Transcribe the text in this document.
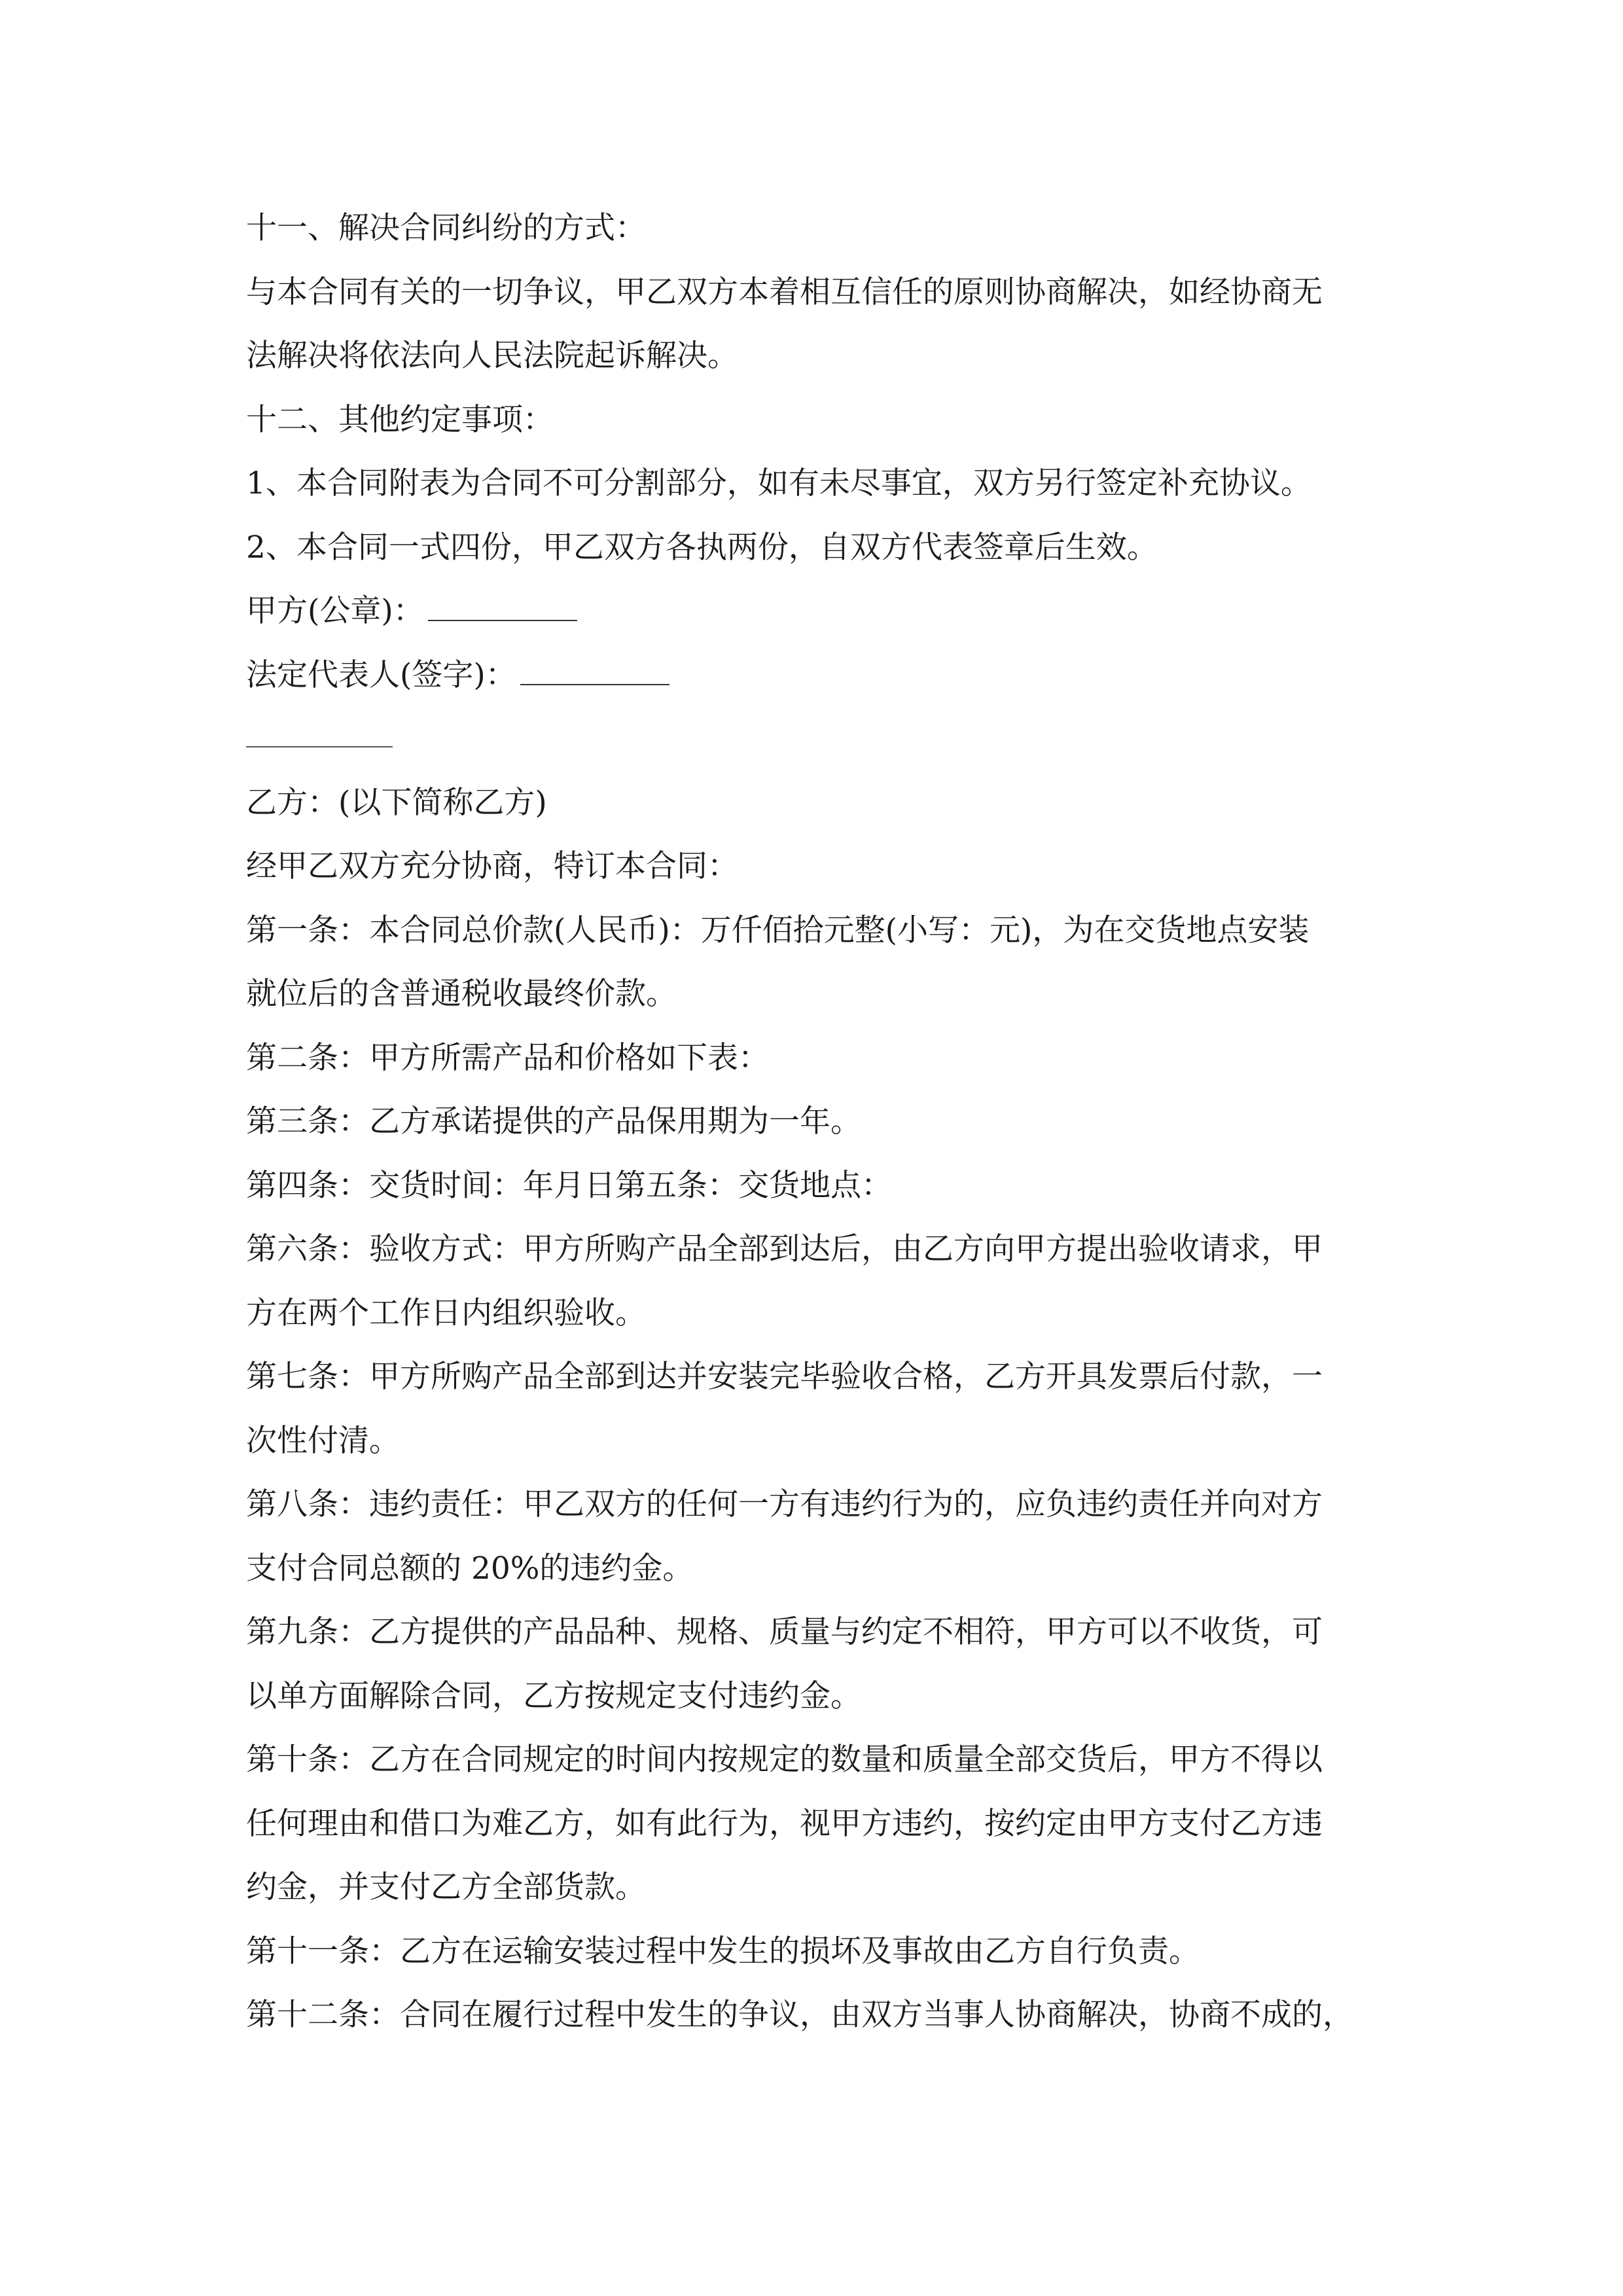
十一、解决合同纠纷的方式：
与本合同有关的一切争议，甲乙双方本着相互信任的原则协商解决，如经协商无
法解决将依法向人民法院起诉解决。
十二、其他约定事项：
1、本合同附表为合同不可分割部分，如有未尽事宜，双方另行签定补充协议。
2、本合同一式四份，甲乙双方各执两份，自双方代表签章后生效。
甲方(公章)：
法定代表人(签字)：
乙方：(以下简称乙方)
经甲乙双方充分协商，特订本合同：
第一条：本合同总价款(人民币)：万仟佰拾元整(小写：元)，为在交货地点安装
就位后的含普通税收最终价款。
第二条：甲方所需产品和价格如下表：
第三条：乙方承诺提供的产品保用期为一年。
第四条：交货时间：年月日第五条：交货地点：
第六条：验收方式：甲方所购产品全部到达后，由乙方向甲方提出验收请求，甲
方在两个工作日内组织验收。
第七条：甲方所购产品全部到达并安装完毕验收合格，乙方开具发票后付款，一
次性付清。
第八条：违约责任：甲乙双方的任何一方有违约行为的，应负违约责任并向对方
支付合同总额的 20%的违约金。
第九条：乙方提供的产品品种、规格、质量与约定不相符，甲方可以不收货，可
以单方面解除合同，乙方按规定支付违约金。
第十条：乙方在合同规定的时间内按规定的数量和质量全部交货后，甲方不得以
任何理由和借口为难乙方，如有此行为，视甲方违约，按约定由甲方支付乙方违
约金，并支付乙方全部货款。
第十一条：乙方在运输安装过程中发生的损坏及事故由乙方自行负责。
第十二条：合同在履行过程中发生的争议，由双方当事人协商解决，协商不成的，
